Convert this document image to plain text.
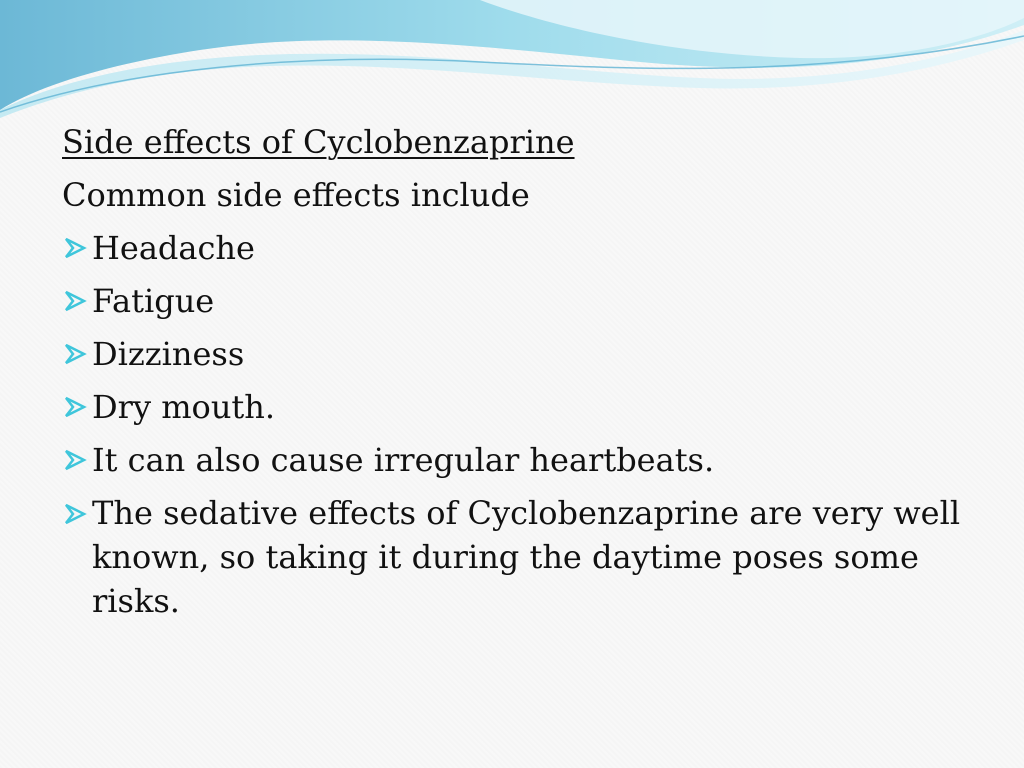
Side effects of Cyclobenzaprine

Common side effects include

Headache

Fatigue

Dizziness

Dry mouth.

It can also cause irregular heartbeats.

The sedative effects of Cyclobenzaprine are very well known, so taking it during the daytime poses some risks.
